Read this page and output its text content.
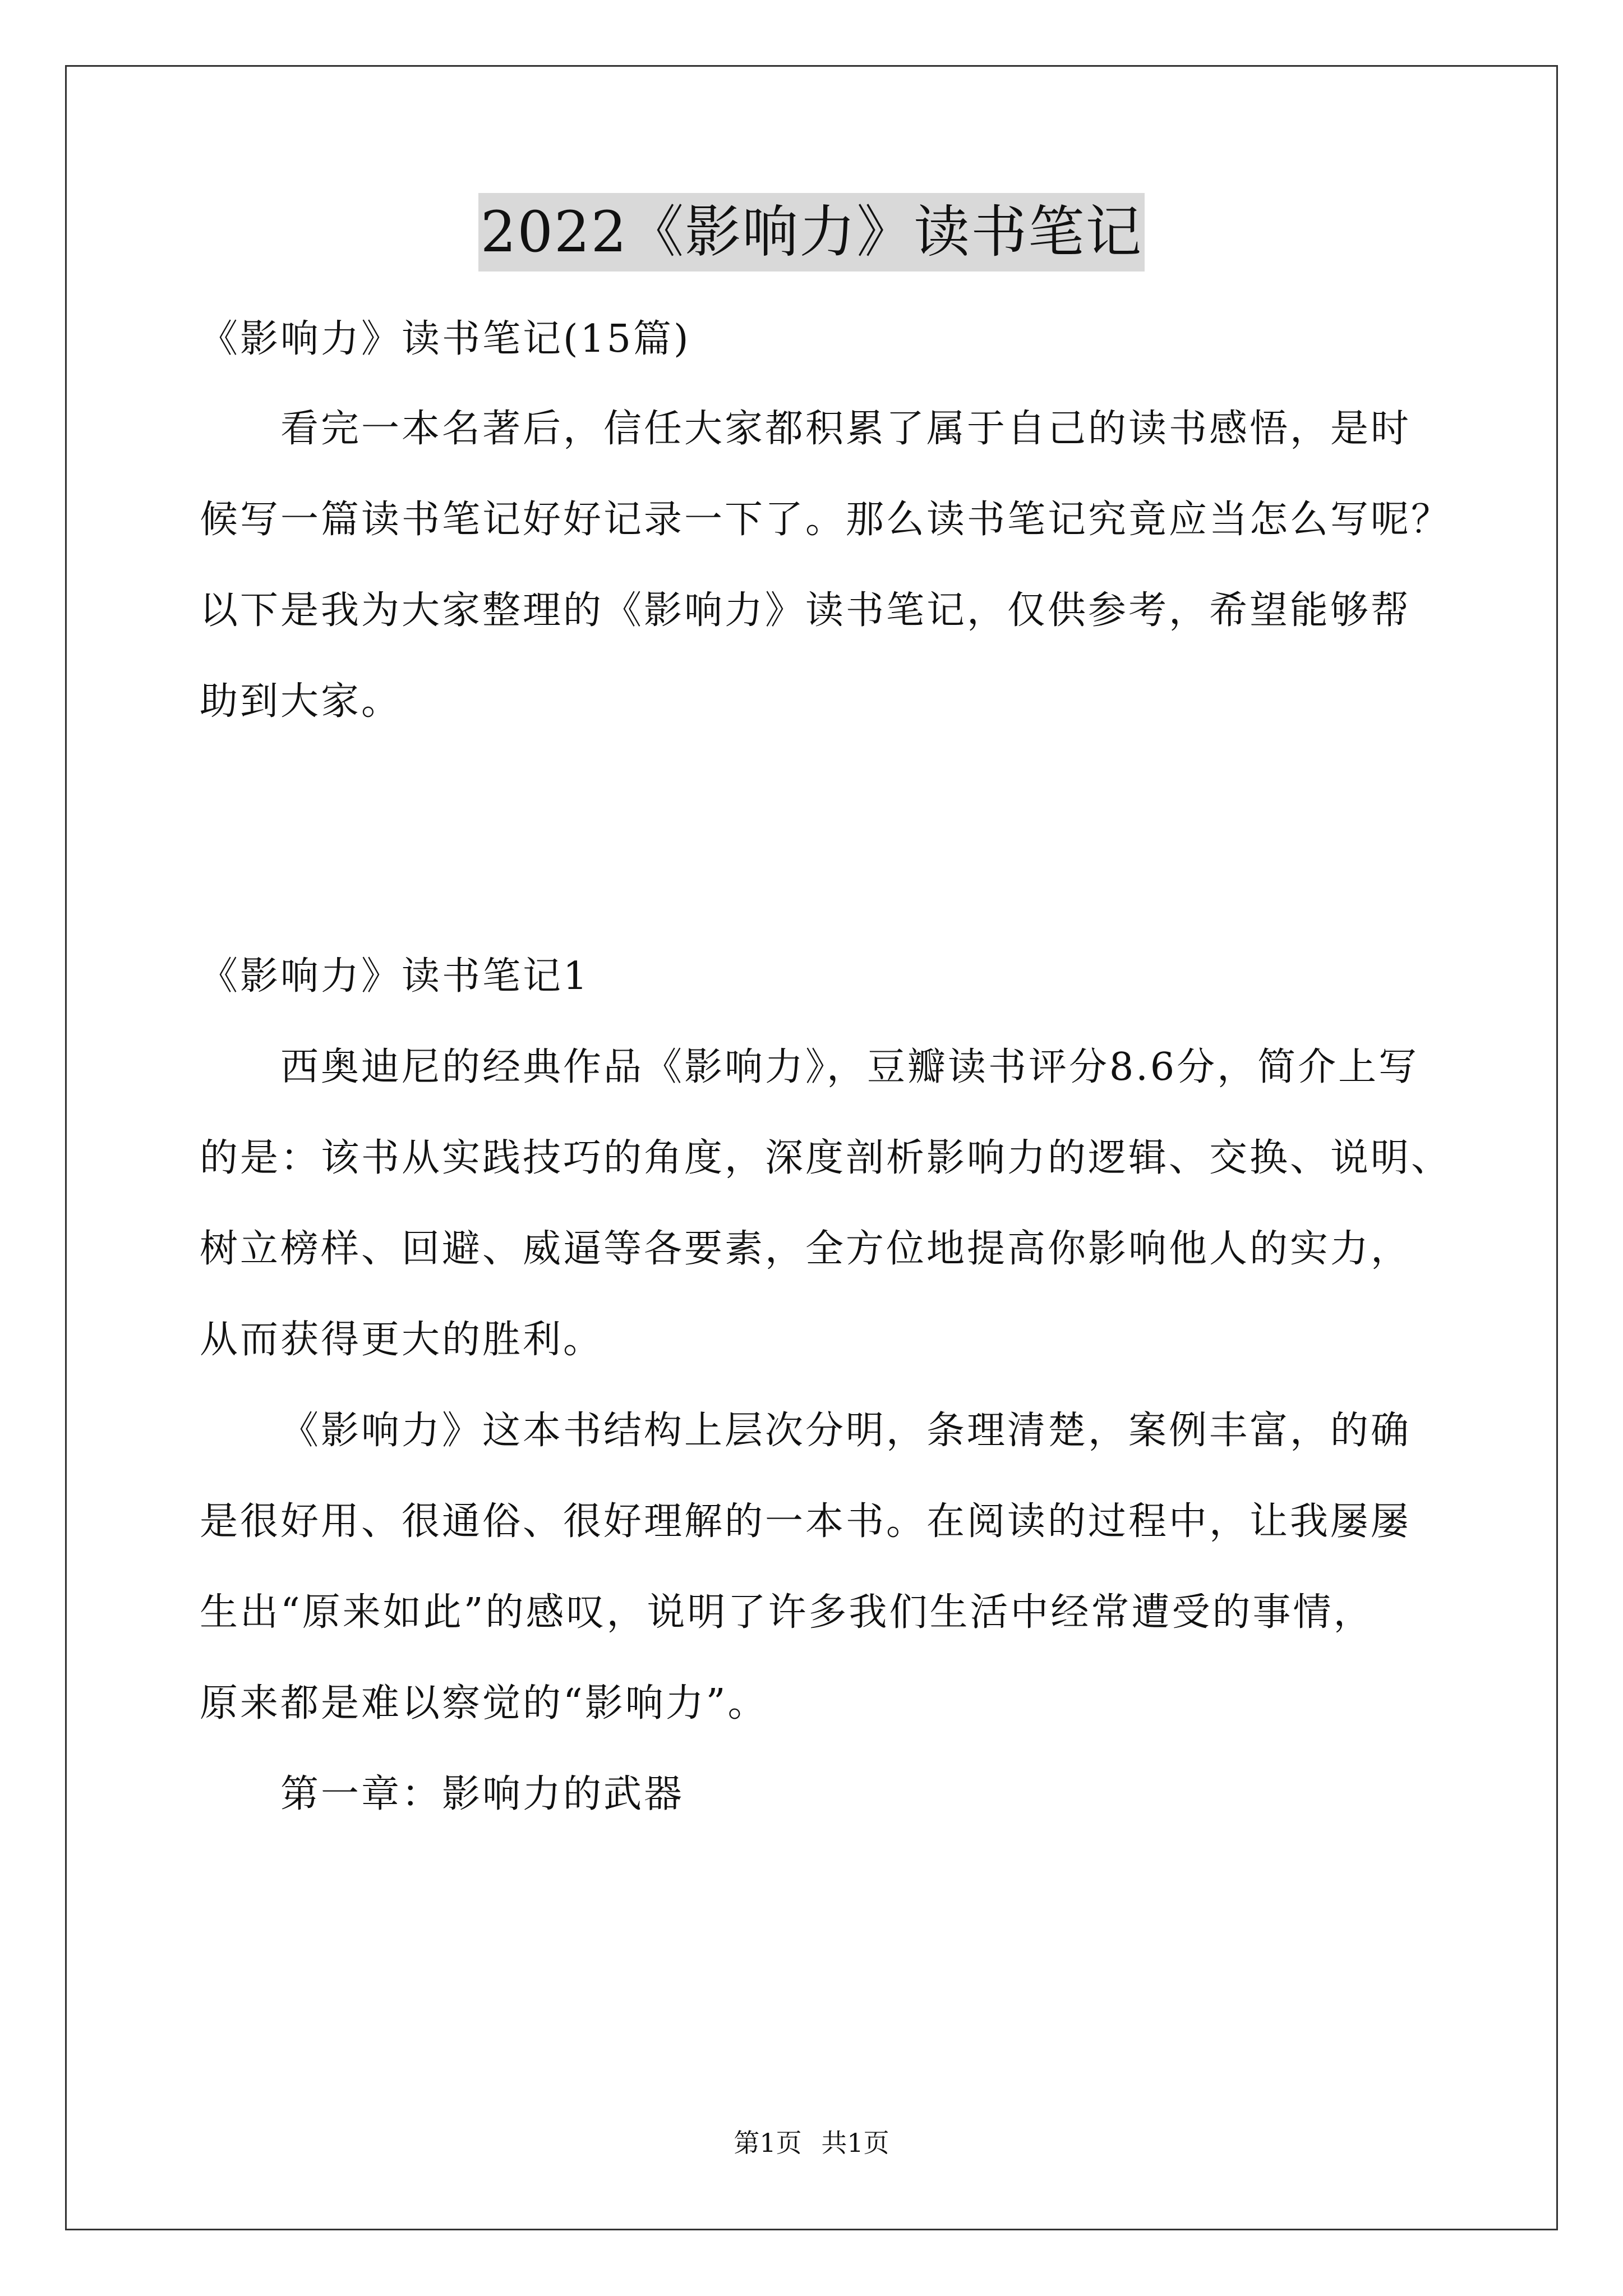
2022《影响力》读书笔记
《影响力》读书笔记(15篇)
看完一本名著后，信任大家都积累了属于自己的读书感悟，是时
候写一篇读书笔记好好记录一下了。那么读书笔记究竟应当怎么写呢？
以下是我为大家整理的《影响力》读书笔记，仅供参考，希望能够帮
助到大家。
《影响力》读书笔记1
西奥迪尼的经典作品《影响力》，豆瓣读书评分8.6分，简介上写
的是：该书从实践技巧的角度，深度剖析影响力的逻辑、交换、说明、
树立榜样、回避、威逼等各要素，全方位地提高你影响他人的实力，
从而获得更大的胜利。
《影响力》这本书结构上层次分明，条理清楚，案例丰富，的确
是很好用、很通俗、很好理解的一本书。在阅读的过程中，让我屡屡
生出“原来如此”的感叹，说明了许多我们生活中经常遭受的事情，
原来都是难以察觉的“影响力”。
第一章：影响力的武器
第1页 共1页
